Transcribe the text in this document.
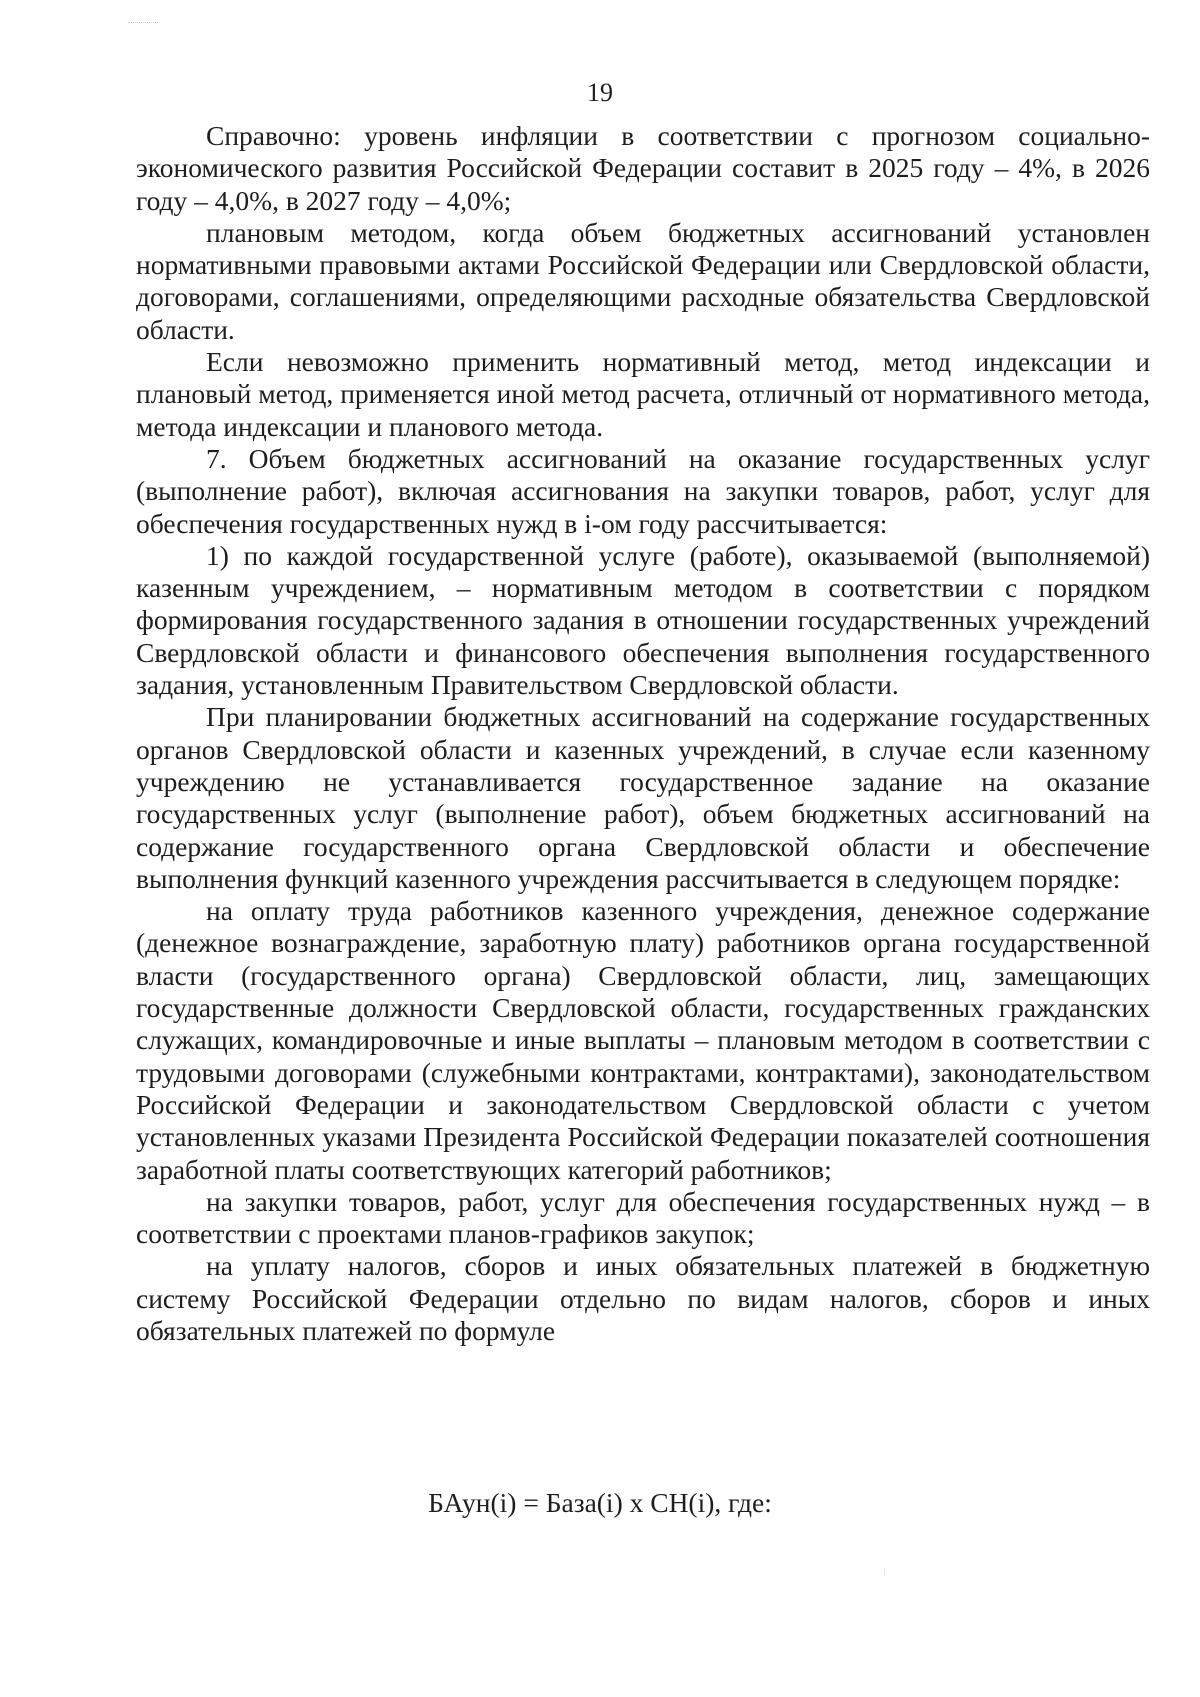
19

Справочно: уровень инфляции в соответствии с прогнозом социально-экономического развития Российской Федерации составит в 2025 году – 4%, в 2026 году – 4,0%, в 2027 году – 4,0%;

плановым методом, когда объем бюджетных ассигнований установлен нормативными правовыми актами Российской Федерации или Свердловской области, договорами, соглашениями, определяющими расходные обязательства Свердловской области.

Если невозможно применить нормативный метод, метод индексации и плановый метод, применяется иной метод расчета, отличный от нормативного метода, метода индексации и планового метода.

7. Объем бюджетных ассигнований на оказание государственных услуг (выполнение работ), включая ассигнования на закупки товаров, работ, услуг для обеспечения государственных нужд в i-ом году рассчитывается:

1) по каждой государственной услуге (работе), оказываемой (выполняемой) казенным учреждением, – нормативным методом в соответствии с порядком формирования государственного задания в отношении государственных учреждений Свердловской области и финансового обеспечения выполнения государственного задания, установленным Правительством Свердловской области.

При планировании бюджетных ассигнований на содержание государственных органов Свердловской области и казенных учреждений, в случае если казенному учреждению не устанавливается государственное задание на оказание государственных услуг (выполнение работ), объем бюджетных ассигнований на содержание государственного органа Свердловской области и обеспечение выполнения функций казенного учреждения рассчитывается в следующем порядке:

на оплату труда работников казенного учреждения, денежное содержание (денежное вознаграждение, заработную плату) работников органа государственной власти (государственного органа) Свердловской области, лиц, замещающих государственные должности Свердловской области, государственных гражданских служащих, командировочные и иные выплаты – плановым методом в соответствии с трудовыми договорами (служебными контрактами, контрактами), законодательством Российской Федерации и законодательством Свердловской области с учетом установленных указами Президента Российской Федерации показателей соотношения заработной платы соответствующих категорий работников;

на закупки товаров, работ, услуг для обеспечения государственных нужд – в соответствии с проектами планов-графиков закупок;

на уплату налогов, сборов и иных обязательных платежей в бюджетную систему Российской Федерации отдельно по видам налогов, сборов и иных обязательных платежей по формуле

БАун(i) = База(i) х СН(i), где:
